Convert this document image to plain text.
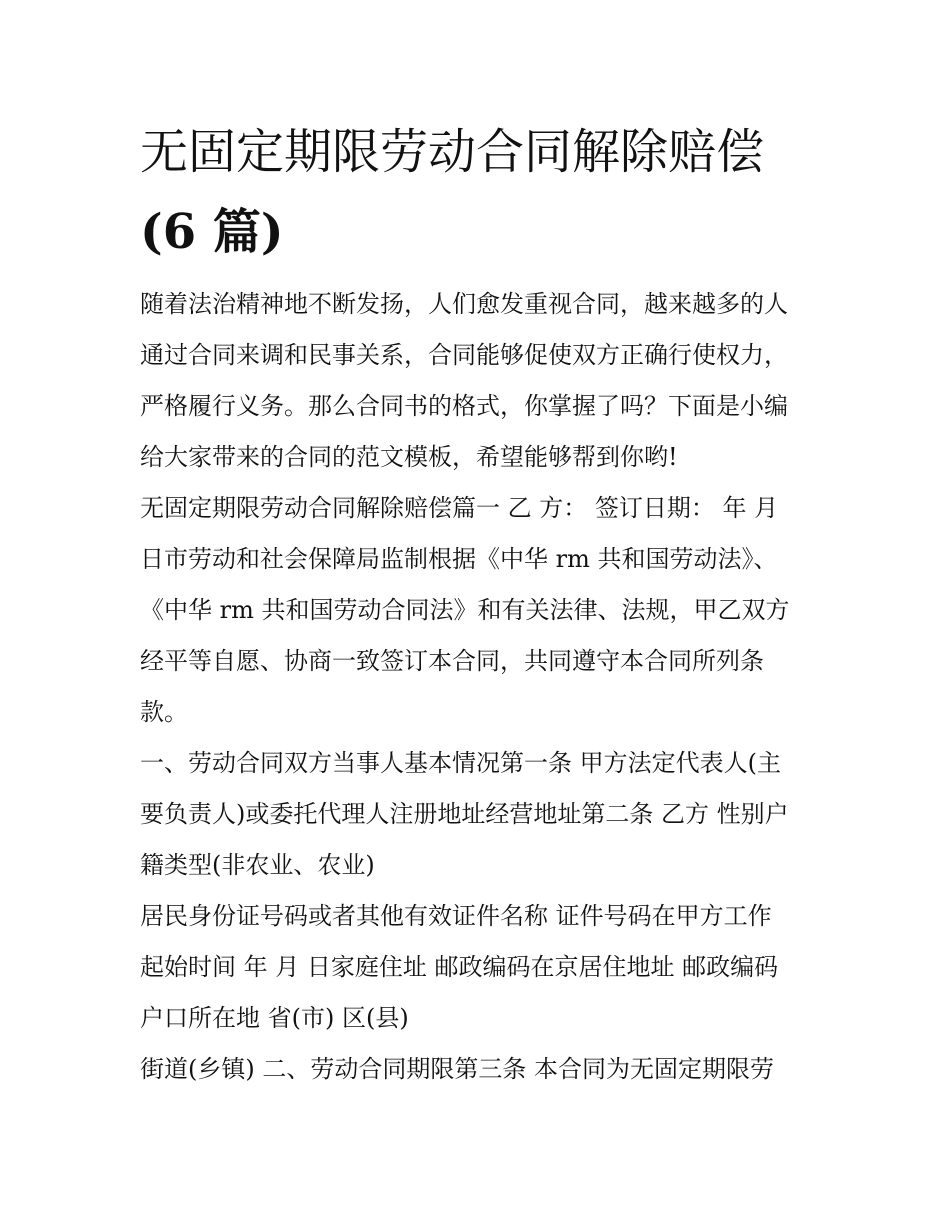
无固定期限劳动合同解除赔偿
(6 篇)

随着法治精神地不断发扬，人们愈发重视合同，越来越多的人
通过合同来调和民事关系，合同能够促使双方正确行使权力，
严格履行义务。那么合同书的格式，你掌握了吗？下面是小编
给大家带来的合同的范文模板，希望能够帮到你哟!

无固定期限劳动合同解除赔偿篇一 乙 方： 签订日期： 年 月
日市劳动和社会保障局监制根据《中华 rm 共和国劳动法》、
《中华 rm 共和国劳动合同法》和有关法律、法规，甲乙双方
经平等自愿、协商一致签订本合同，共同遵守本合同所列条
款。

一、劳动合同双方当事人基本情况第一条 甲方法定代表人(主
要负责人)或委托代理人注册地址经营地址第二条 乙方 性别户
籍类型(非农业、农业)

居民身份证号码或者其他有效证件名称 证件号码在甲方工作
起始时间 年 月 日家庭住址 邮政编码在京居住地址 邮政编码
户口所在地 省(市) 区(县)

街道(乡镇) 二、劳动合同期限第三条 本合同为无固定期限劳
